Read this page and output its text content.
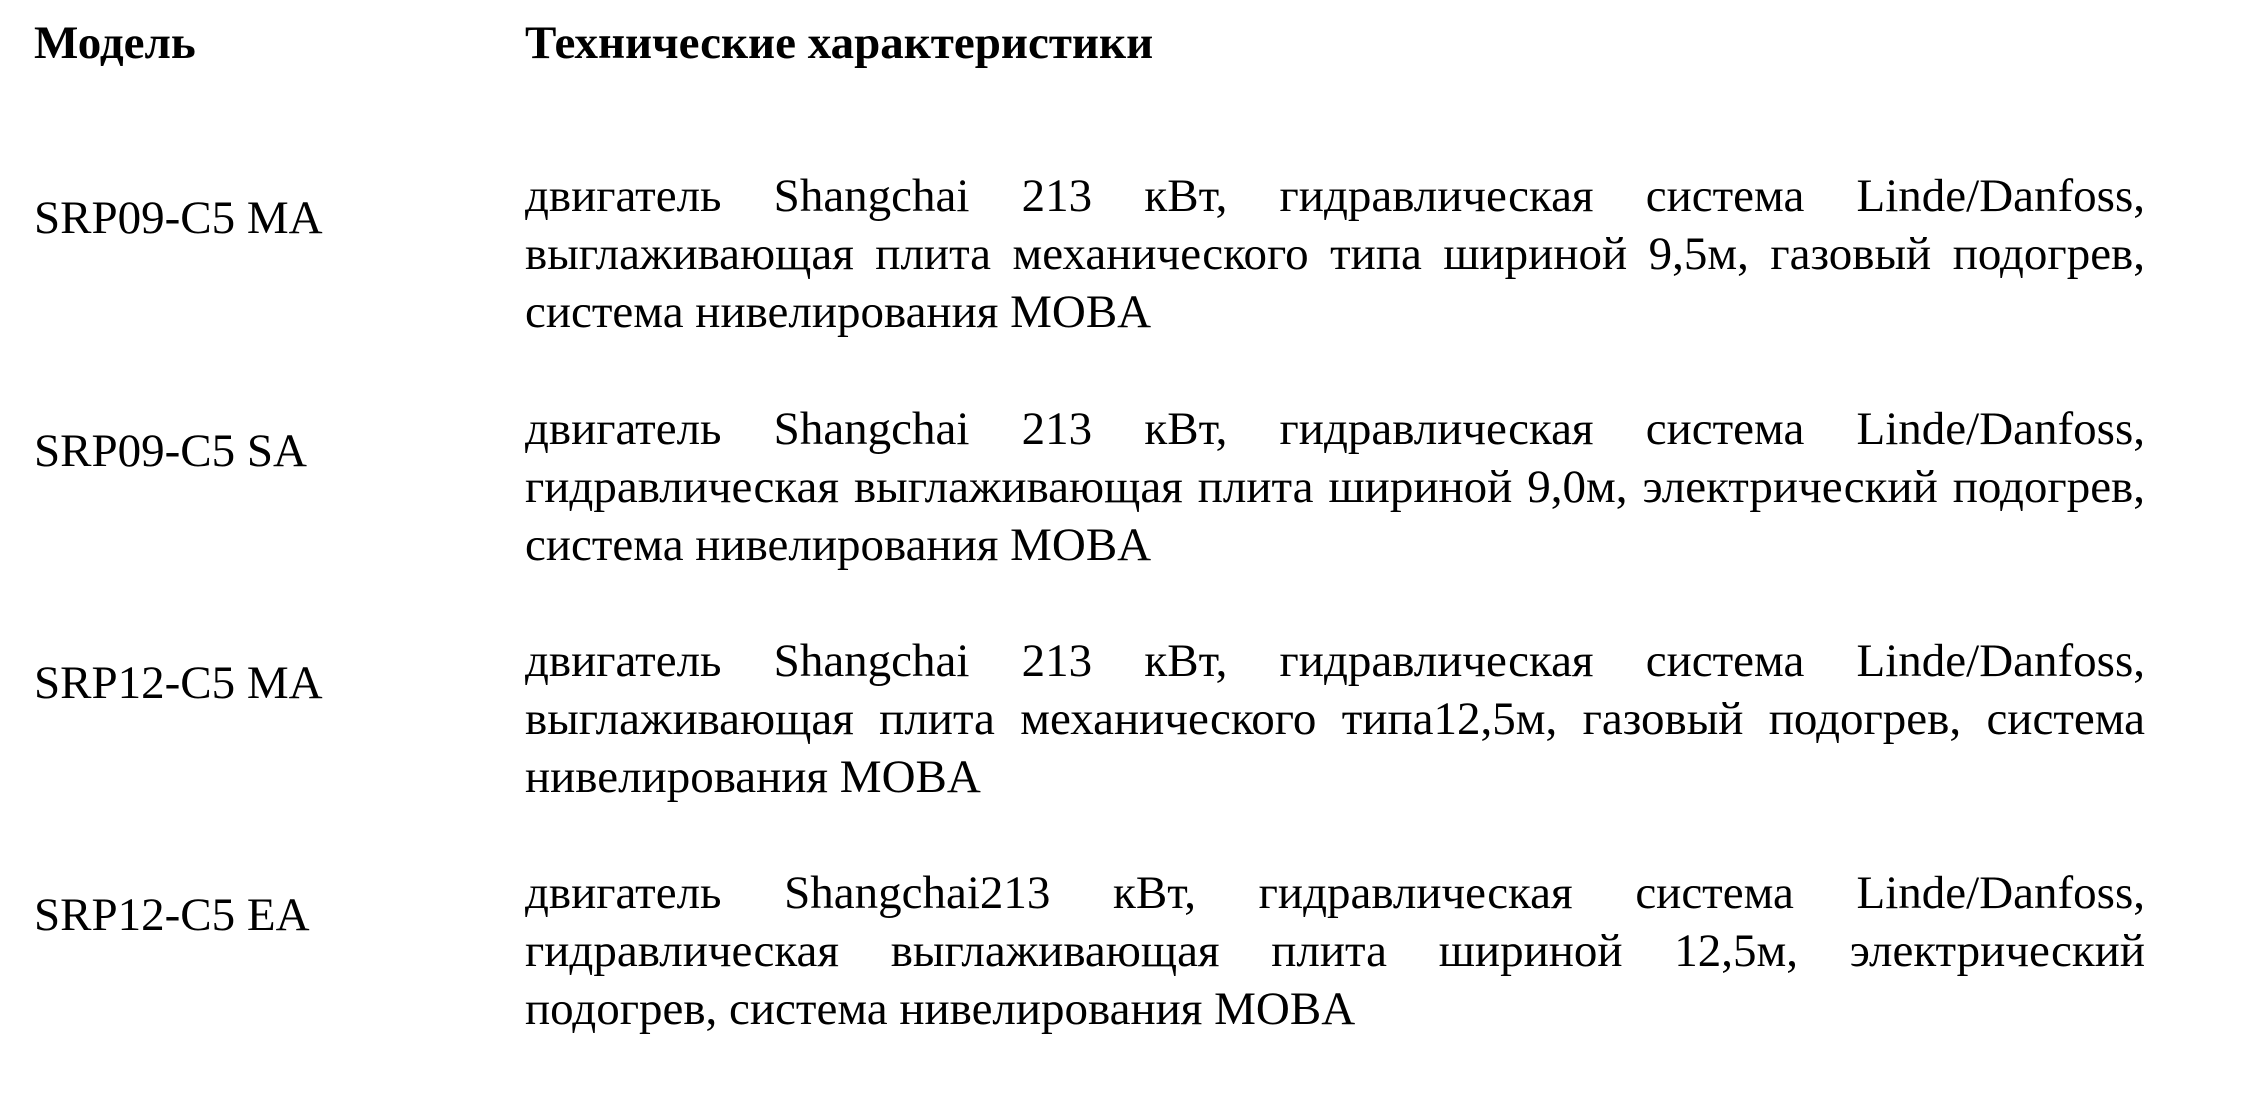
Модель	Технические характеристики
SRP09-C5 MA	двигатель Shangchai 213 кВт, гидравлическая система Linde/Danfoss, выглаживающая плита механического типа шириной 9,5м, газовый подогрев, система нивелирования MOBA
SRP09-C5 SA	двигатель Shangchai 213 кВт, гидравлическая система Linde/Danfoss, гидравлическая выглаживающая плита шириной 9,0м, электрический подогрев, система нивелирования MOBA
SRP12-C5 MA	двигатель Shangchai 213 кВт, гидравлическая система Linde/Danfoss, выглаживающая плита механического типа12,5м, газовый подогрев, система нивелирования MOBA
SRP12-C5 EA	двигатель Shangchai213 кВт, гидравлическая система Linde/Danfoss, гидравлическая выглаживающая плита шириной 12,5м, электрический подогрев, система нивелирования MOBA
